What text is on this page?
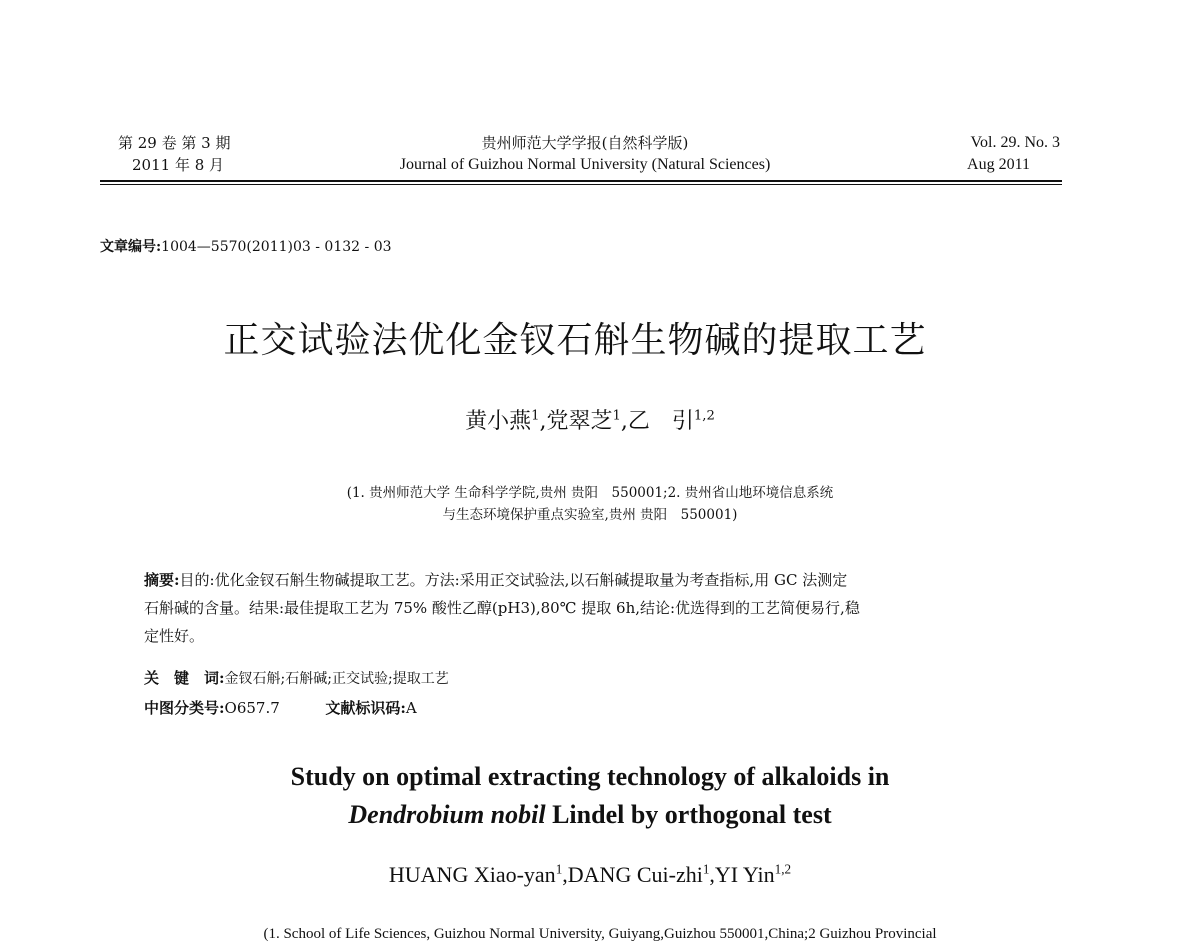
第 29 卷 第 3 期
2011 年 8 月
贵州师范大学学报(自然科学版)
Journal of Guizhou Normal University (Natural Sciences)
Vol. 29. No. 3
Aug 2011
文章编号:1004—5570(2011)03 - 0132 - 03
正交试验法优化金钗石斛生物碱的提取工艺
黄小燕$^1$,党翠芝$^1$,乙　引$^{1,2}$
(1. 贵州师范大学 生命科学学院,贵州 贵阳　550001;2. 贵州省山地环境信息系统
与生态环境保护重点实验室,贵州 贵阳　550001)
摘要:目的:优化金钗石斛生物碱提取工艺。方法:采用正交试验法,以石斛碱提取量为考查指标,用 GC 法测定
石斛碱的含量。结果:最佳提取工艺为 75% 酸性乙醇(pH3),80℃ 提取 6h,结论:优选得到的工艺简便易行,稳
定性好。
关　键　词:金钗石斛;石斛碱;正交试验;提取工艺
中图分类号:O657.7	文献标识码:A
Study on optimal extracting technology of alkaloids in
Dendrobium nobil Lindel by orthogonal test
HUANG Xiao-yan$^1$,DANG Cui-zhi$^1$,YI Yin$^{1,2}$
(1. School of Life Sciences, Guizhou Normal University, Guiyang,Guizhou 550001,China;2 Guizhou Provincial
